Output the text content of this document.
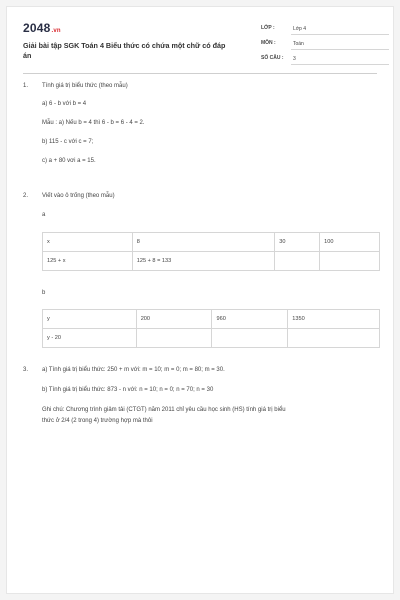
2048.vn
Giải bài tập SGK Toán 4 Biểu thức có chứa một chữ có đáp án
LỚP :	Lớp 4
MÔN :	Toán
SỐ CÂU :	3
1. Tính giá trị biểu thức (theo mẫu)
a) 6 - b với b = 4
Mẫu : a) Nếu b = 4 thì 6 - b = 6 - 4 = 2.
b) 115 - c với c = 7;
c) a + 80 vơi a = 15.
2. Viết vào ô trống (theo mẫu)
a
x	8	30	100
125 + x	125 + 8 = 133		
b
y	200	960	1350
y - 20			
3. a) Tính giá trị biểu thức: 250 + m với: m = 10; m = 0; m = 80; m = 30.
b) Tính giá trị biểu thức: 873 - n với: n = 10; n = 0; n = 70; n = 30
Ghi chú: Chương trình giảm tải (CTGT) năm 2011 chỉ yêu cầu học sinh (HS) tính giá trị biểu
thức ở 2/4 (2 trong 4) trường hợp mà thôi
